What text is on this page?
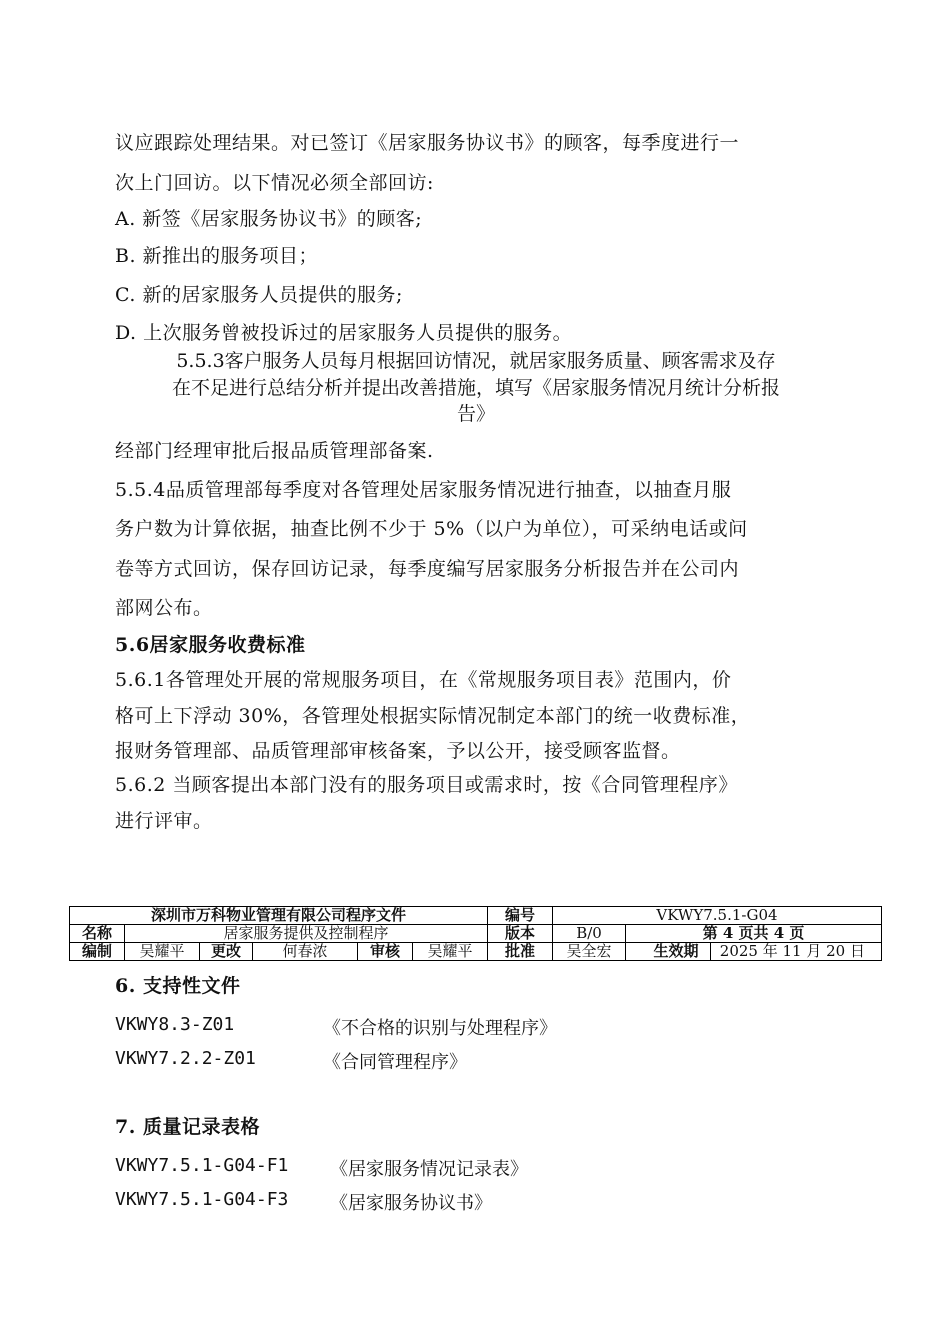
议应跟踪处理结果。对已签订《居家服务协议书》的顾客，每季度进行一
次上门回访。以下情况必须全部回访:
A. 新签《居家服务协议书》的顾客;
B. 新推出的服务项目；
C. 新的居家服务人员提供的服务;
D. 上次服务曾被投诉过的居家服务人员提供的服务。
5.5.3客户服务人员每月根据回访情况，就居家服务质量、顾客需求及存
在不足进行总结分析并提出改善措施，填写《居家服务情况月统计分析报
告》
经部门经理审批后报品质管理部备案.
5.5.4品质管理部每季度对各管理处居家服务情况进行抽查，以抽查月服
务户数为计算依据，抽查比例不少于 5%（以户为单位），可采纳电话或问
卷等方式回访，保存回访记录，每季度编写居家服务分析报告并在公司内
部网公布。
5.6居家服务收费标准
5.6.1各管理处开展的常规服务项目，在《常规服务项目表》范围内，价
格可上下浮动 30%，各管理处根据实际情况制定本部门的统一收费标准，
报财务管理部、品质管理部审核备案，予以公开，接受顾客监督。
5.6.2 当顾客提出本部门没有的服务项目或需求时，按《合同管理程序》
进行评审。
深圳市万科物业管理有限公司程序文件						编号	VKWY7.5.1-G04	
名称	居家服务提供及控制程序					版本	B/0	第 4 页共 4 页
编制	吴耀平	更改	何春浓	审核	吴耀平	批准	吴全宏	生效期 2025 年 11 月 20 日
6. 支持性文件
VKWY8.3-Z01	《不合格的识别与处理程序》
VKWY7.2.2-Z01	《合同管理程序》
7. 质量记录表格
VKWY7.5.1-G04-F1 《居家服务情况记录表》
VKWY7.5.1-G04-F3 《居家服务协议书》
